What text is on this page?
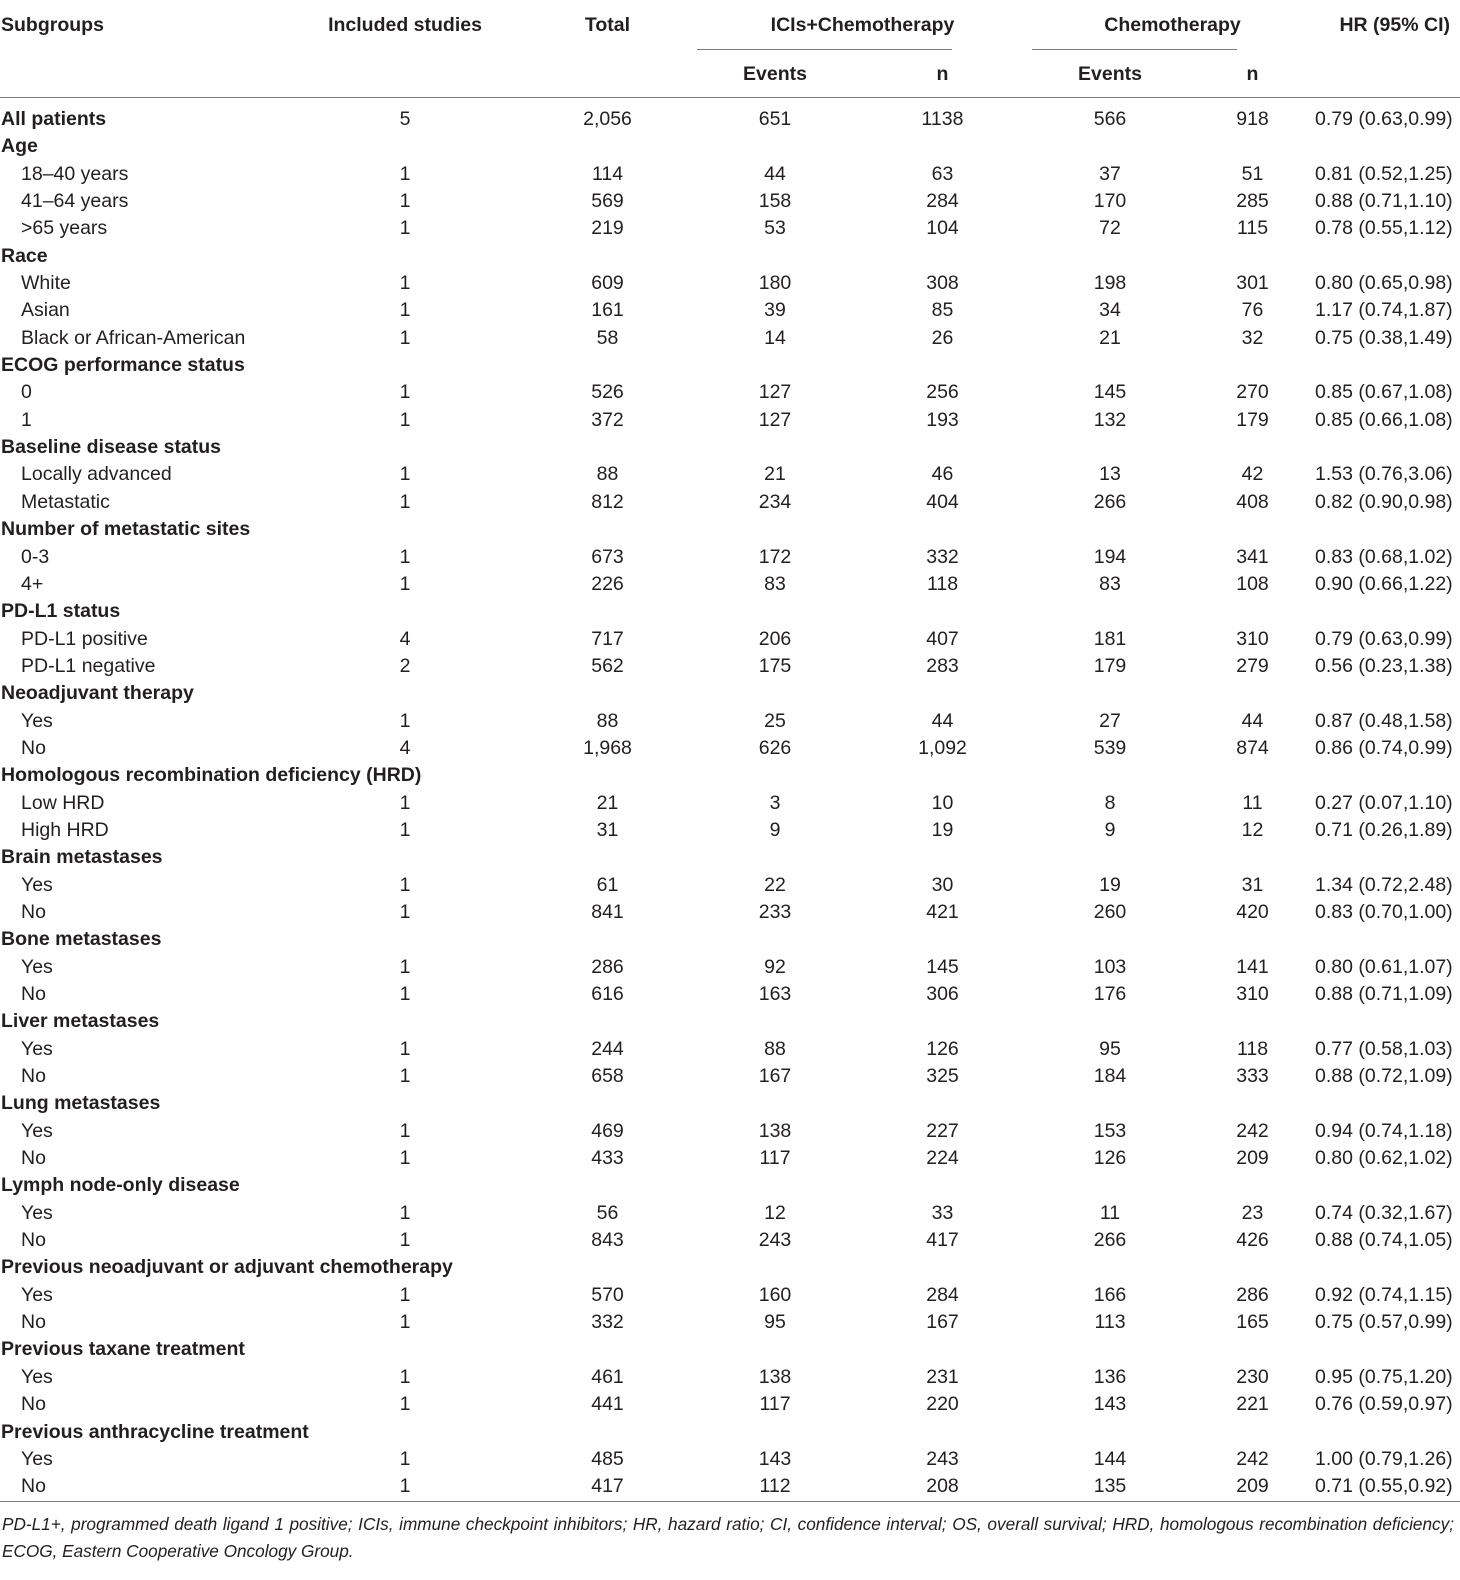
Subgroups	Included studies	Total	ICIs+Chemotherapy		Chemotherapy		HR (95% CI)
			Events	n	Events	n	
All patients	5	2,056	651	1138	566	918	0.79 (0.63,0.99)
Age							
18–40 years	1	114	44	63	37	51	0.81 (0.52,1.25)
41–64 years	1	569	158	284	170	285	0.88 (0.71,1.10)
>65 years	1	219	53	104	72	115	0.78 (0.55,1.12)
Race							
White	1	609	180	308	198	301	0.80 (0.65,0.98)
Asian	1	161	39	85	34	76	1.17 (0.74,1.87)
Black or African-American	1	58	14	26	21	32	0.75 (0.38,1.49)
ECOG performance status							
0	1	526	127	256	145	270	0.85 (0.67,1.08)
1	1	372	127	193	132	179	0.85 (0.66,1.08)
Baseline disease status							
Locally advanced	1	88	21	46	13	42	1.53 (0.76,3.06)
Metastatic	1	812	234	404	266	408	0.82 (0.90,0.98)
Number of metastatic sites							
0-3	1	673	172	332	194	341	0.83 (0.68,1.02)
4+	1	226	83	118	83	108	0.90 (0.66,1.22)
PD-L1 status							
PD-L1 positive	4	717	206	407	181	310	0.79 (0.63,0.99)
PD-L1 negative	2	562	175	283	179	279	0.56 (0.23,1.38)
Neoadjuvant therapy							
Yes	1	88	25	44	27	44	0.87 (0.48,1.58)
No	4	1,968	626	1,092	539	874	0.86 (0.74,0.99)
Homologous recombination deficiency (HRD)							
Low HRD	1	21	3	10	8	11	0.27 (0.07,1.10)
High HRD	1	31	9	19	9	12	0.71 (0.26,1.89)
Brain metastases							
Yes	1	61	22	30	19	31	1.34 (0.72,2.48)
No	1	841	233	421	260	420	0.83 (0.70,1.00)
Bone metastases							
Yes	1	286	92	145	103	141	0.80 (0.61,1.07)
No	1	616	163	306	176	310	0.88 (0.71,1.09)
Liver metastases							
Yes	1	244	88	126	95	118	0.77 (0.58,1.03)
No	1	658	167	325	184	333	0.88 (0.72,1.09)
Lung metastases							
Yes	1	469	138	227	153	242	0.94 (0.74,1.18)
No	1	433	117	224	126	209	0.80 (0.62,1.02)
Lymph node-only disease							
Yes	1	56	12	33	11	23	0.74 (0.32,1.67)
No	1	843	243	417	266	426	0.88 (0.74,1.05)
Previous neoadjuvant or adjuvant chemotherapy							
Yes	1	570	160	284	166	286	0.92 (0.74,1.15)
No	1	332	95	167	113	165	0.75 (0.57,0.99)
Previous taxane treatment							
Yes	1	461	138	231	136	230	0.95 (0.75,1.20)
No	1	441	117	220	143	221	0.76 (0.59,0.97)
Previous anthracycline treatment							
Yes	1	485	143	243	144	242	1.00 (0.79,1.26)
No	1	417	112	208	135	209	0.71 (0.55,0.92)
PD-L1+, programmed death ligand 1 positive; ICIs, immune checkpoint inhibitors; HR, hazard ratio; CI, confidence interval; OS, overall survival; HRD, homologous recombination deficiency; ECOG, Eastern Cooperative Oncology Group.
